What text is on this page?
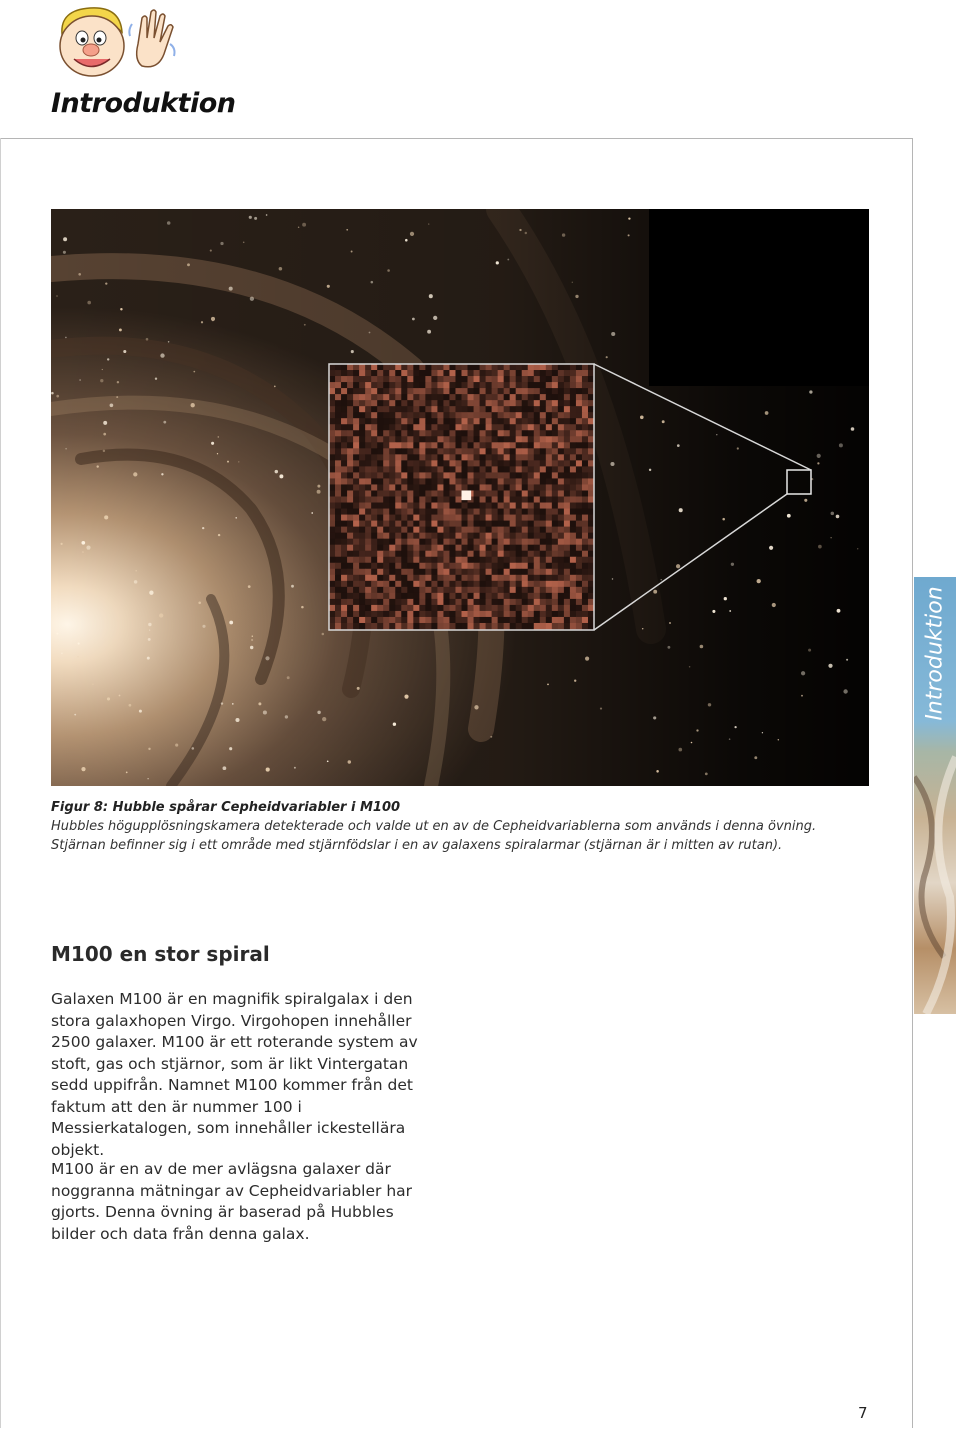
Introduktion

Figur 8: Hubble spårar Cepheidvariabler i M100

Hubbles högupplösningskamera detekterade och valde ut en av de Cepheidvariablerna som används i denna övning. Stjärnan befinner sig i ett område med stjärnfödslar i en av galaxens spiralarmar (stjärnan är i mitten av rutan).

M100 en stor spiral

Galaxen M100 är en magnifik spiralgalax i den stora galaxhopen Virgo. Virgohopen innehåller 2500 galaxer. M100 är ett roterande system av stoft, gas och stjärnor, som är likt Vintergatan sedd uppifrån. Namnet M100 kommer från det faktum att den är nummer 100 i Messierkatalogen, som innehåller ickestellära objekt.

M100 är en av de mer avlägsna galaxer där noggranna mätningar av Cepheidvariabler har gjorts. Denna övning är baserad på Hubbles bilder och data från denna galax.

Introduktion
7
